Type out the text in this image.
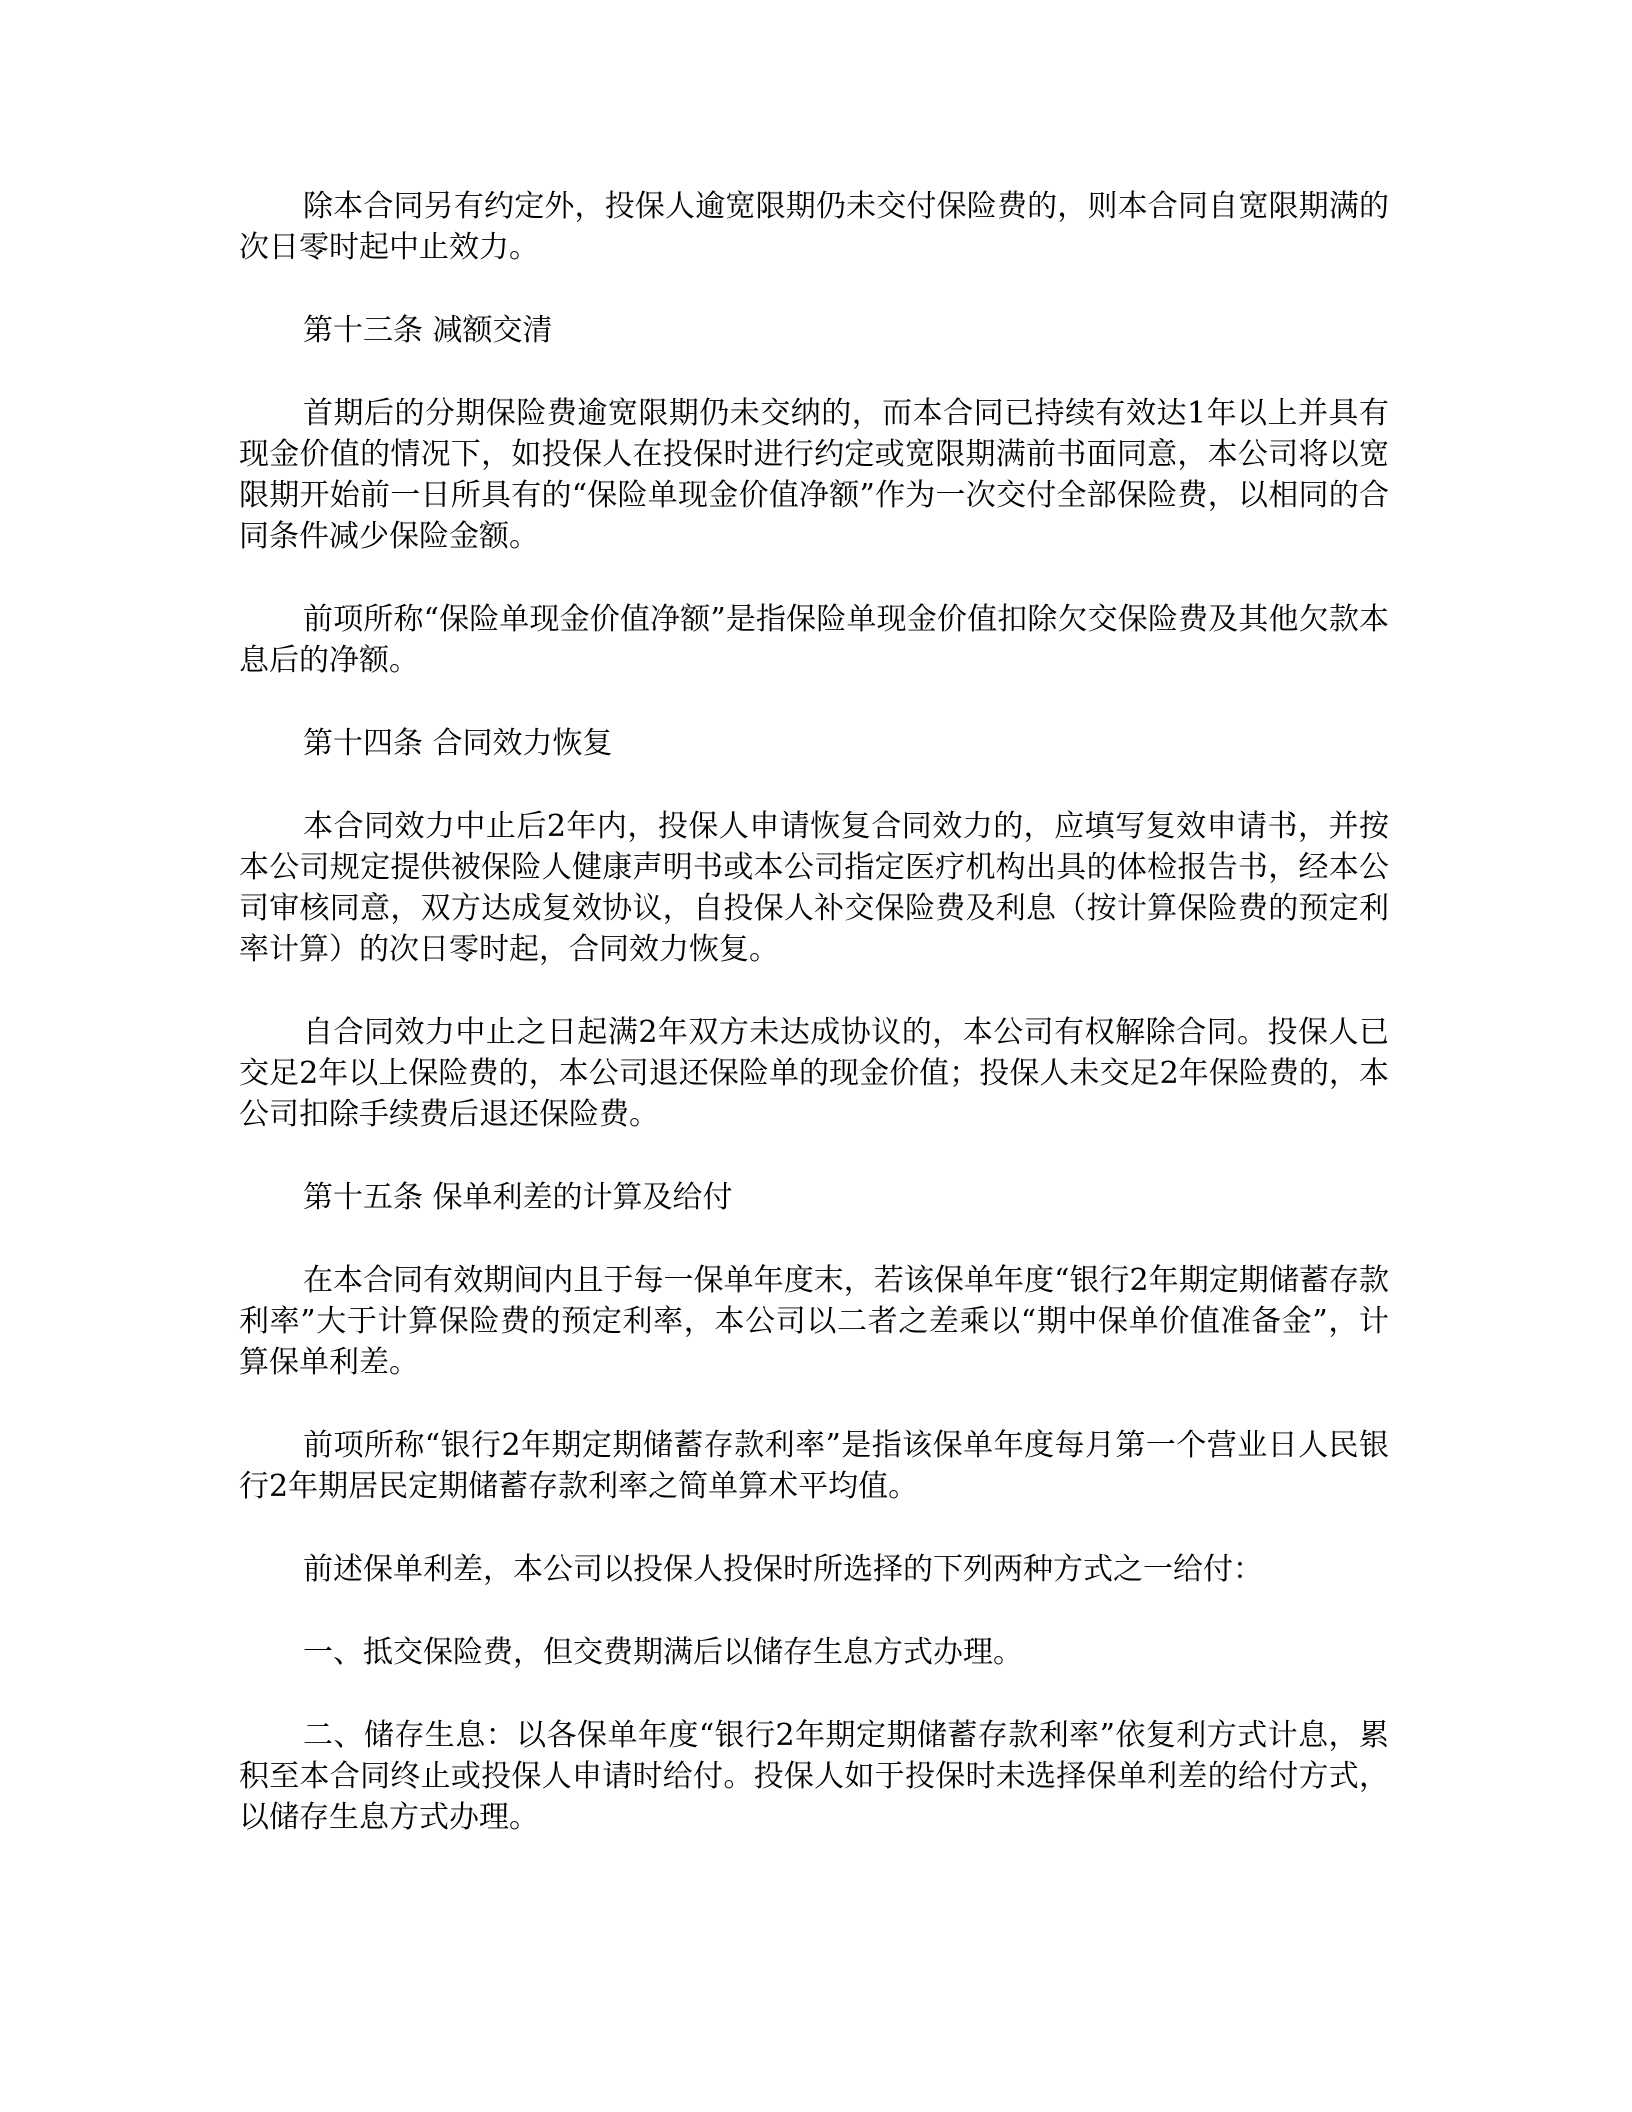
除本合同另有约定外，投保人逾宽限期仍未交付保险费的，则本合同自宽限期满的次日零时起中止效力。

第十三条 减额交清

首期后的分期保险费逾宽限期仍未交纳的，而本合同已持续有效达1年以上并具有现金价值的情况下，如投保人在投保时进行约定或宽限期满前书面同意，本公司将以宽限期开始前一日所具有的“保险单现金价值净额”作为一次交付全部保险费，以相同的合同条件减少保险金额。

前项所称“保险单现金价值净额”是指保险单现金价值扣除欠交保险费及其他欠款本息后的净额。

第十四条 合同效力恢复

本合同效力中止后2年内，投保人申请恢复合同效力的，应填写复效申请书，并按本公司规定提供被保险人健康声明书或本公司指定医疗机构出具的体检报告书，经本公司审核同意，双方达成复效协议，自投保人补交保险费及利息（按计算保险费的预定利率计算）的次日零时起，合同效力恢复。

自合同效力中止之日起满2年双方未达成协议的，本公司有权解除合同。投保人已交足2年以上保险费的，本公司退还保险单的现金价值；投保人未交足2年保险费的，本公司扣除手续费后退还保险费。

第十五条 保单利差的计算及给付

在本合同有效期间内且于每一保单年度末，若该保单年度“银行2年期定期储蓄存款利率”大于计算保险费的预定利率，本公司以二者之差乘以“期中保单价值准备金”，计算保单利差。

前项所称“银行2年期定期储蓄存款利率”是指该保单年度每月第一个营业日人民银行2年期居民定期储蓄存款利率之简单算术平均值。

前述保单利差，本公司以投保人投保时所选择的下列两种方式之一给付：

一、抵交保险费，但交费期满后以储存生息方式办理。

二、储存生息：以各保单年度“银行2年期定期储蓄存款利率”依复利方式计息，累积至本合同终止或投保人申请时给付。投保人如于投保时未选择保单利差的给付方式，以储存生息方式办理。
